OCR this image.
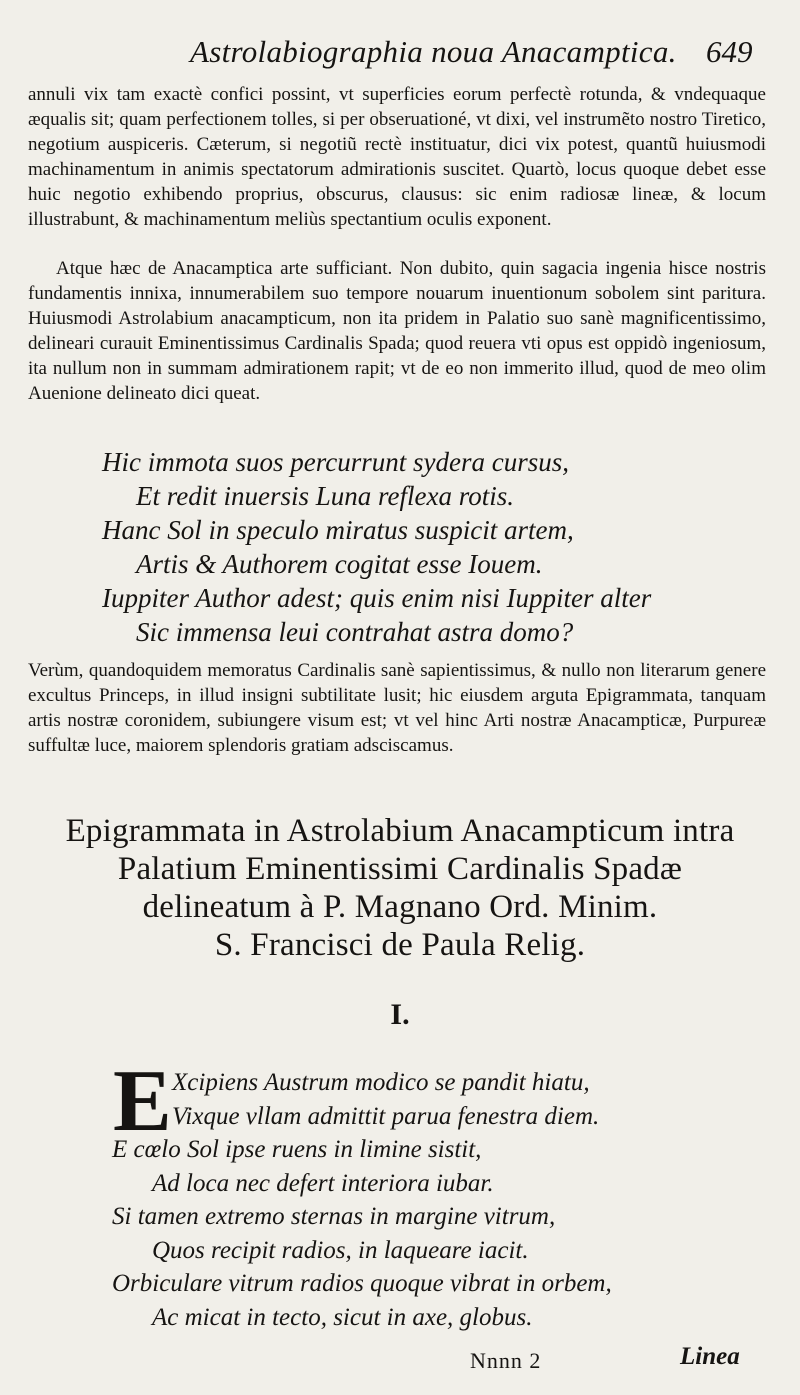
Astrolabiographia noua Anacamptica. 649

annuli vix tam exactè confici possint, vt superficies eorum perfectè rotunda, & vndequaque æqualis sit; quam perfectionem tolles, si per obseruationé, vt dixi, vel instrumẽto nostro Tiretico, negotium auspiceris. Cæterum, si negotiũ rectè instituatur, dici vix potest, quantũ huiusmodi machinamentum in animis spectatorum admirationis suscitet. Quartò, locus quoque debet esse huic negotio exhibendo proprius, obscurus, clausus: sic enim radiosæ lineæ, & locum illustrabunt, & machinamentum meliùs spectantium oculis exponent.

Atque hæc de Anacamptica arte sufficiant. Non dubito, quin sagacia ingenia hisce nostris fundamentis innixa, innumerabilem suo tempore nouarum inuentionum sobolem sint paritura. Huiusmodi Astrolabium anacampticum, non ita pridem in Palatio suo sanè magnificentissimo, delineari curauit Eminentissimus Cardinalis Spada; quod reuera vti opus est oppidò ingeniosum, ita nullum non in summam admirationem rapit; vt de eo non immerito illud, quod de meo olim Auenione delineato dici queat.

Hic immota suos percurrunt sydera cursus,
Et redit inuersis Luna reflexa rotis.
Hanc Sol in speculo miratus suspicit artem,
Artis & Authorem cogitat esse Iouem.
Iuppiter Author adest; quis enim nisi Iuppiter alter
Sic immensa leui contrahat astra domo?

Verùm, quandoquidem memoratus Cardinalis sanè sapientissimus, & nullo non literarum genere excultus Princeps, in illud insigni subtilitate lusit; hic eiusdem arguta Epigrammata, tanquam artis nostræ coronidem, subiungere visum est; vt vel hinc Arti nostræ Anacampticæ, Purpureæ suffultæ luce, maiorem splendoris gratiam adsciscamus.

Epigrammata in Astrolabium Anacampticum intra
Palatium Eminentissimi Cardinalis Spadæ
delineatum à P. Magnano Ord. Minim.
S. Francisci de Paula Relig.
I.
E Xcipiens Austrum modico se pandit hiatu,
Vixque vllam admittit parua fenestra diem.
E cœlo Sol ipse ruens in limine sistit,
Ad loca nec defert interiora iubar.
Si tamen extremo sternas in margine vitrum,
Quos recipit radios, in laqueare iacit.
Orbiculare vitrum radios quoque vibrat in orbem,
Ac micat in tecto, sicut in axe, globus.
Nnnn 2	Linea
